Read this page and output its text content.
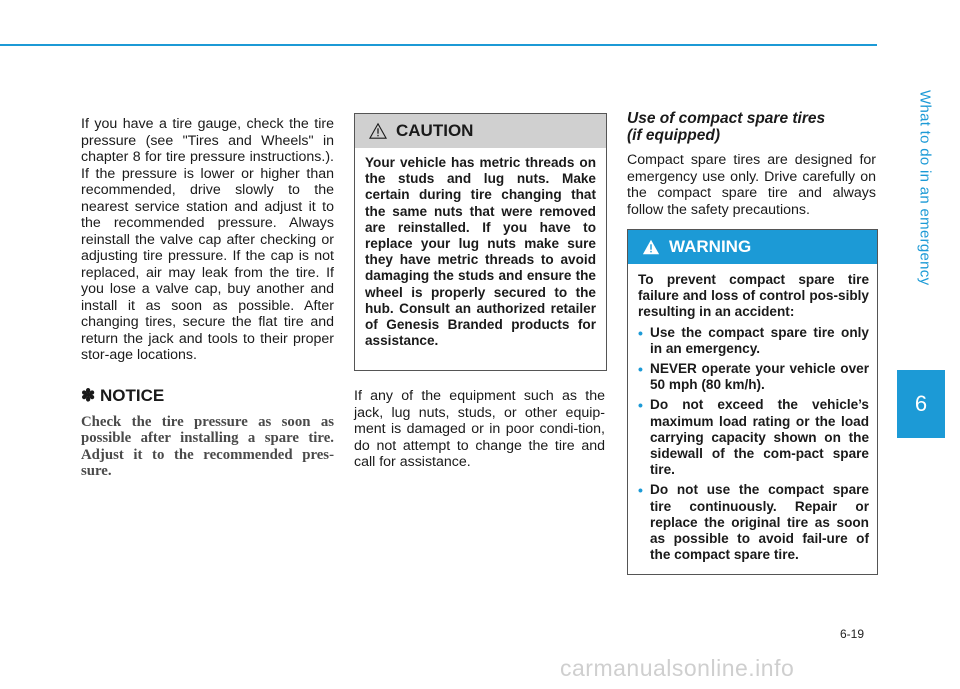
What to do in an emergency
6
6-19

If you have a tire gauge, check the tire pressure (see "Tires and Wheels" in chapter 8 for tire pressure instructions.). If the pressure is lower or higher than recommended, drive slowly to the nearest service station and adjust it to the recommended pressure. Always reinstall the valve cap after checking or adjusting tire pressure. If the cap is not replaced, air may leak from the tire. If you lose a valve cap, buy another and install it as soon as possible. After changing tires, secure the flat tire and return the jack and tools to their proper stor-age locations.

✽ NOTICE

Check the tire pressure as soon as possible after installing a spare tire. Adjust it to the recommended pres-sure.

CAUTION

Your vehicle has metric threads on the studs and lug nuts. Make certain during tire changing that the same nuts that were removed are reinstalled. If you have to replace your lug nuts make sure they have metric threads to avoid damaging the studs and ensure the wheel is properly secured to the hub. Consult an authorized retailer of Genesis Branded products for assistance.

If any of the equipment such as the jack, lug nuts, studs, or other equip-ment is damaged or in poor condi-tion, do not attempt to change the tire and call for assistance.

Use of compact spare tires
(if equipped)

Compact spare tires are designed for emergency use only. Drive carefully on the compact spare tire and always follow the safety precautions.

WARNING

To prevent compact spare tire failure and loss of control pos-sibly resulting in an accident:

• Use the compact spare tire only in an emergency.
• NEVER operate your vehicle over 50 mph (80 km/h).
• Do not exceed the vehicle’s maximum load rating or the load carrying capacity shown on the sidewall of the com-pact spare tire.
• Do not use the compact spare tire continuously. Repair or replace the original tire as soon as possible to avoid fail-ure of the compact spare tire.
carmanualsonline.info
